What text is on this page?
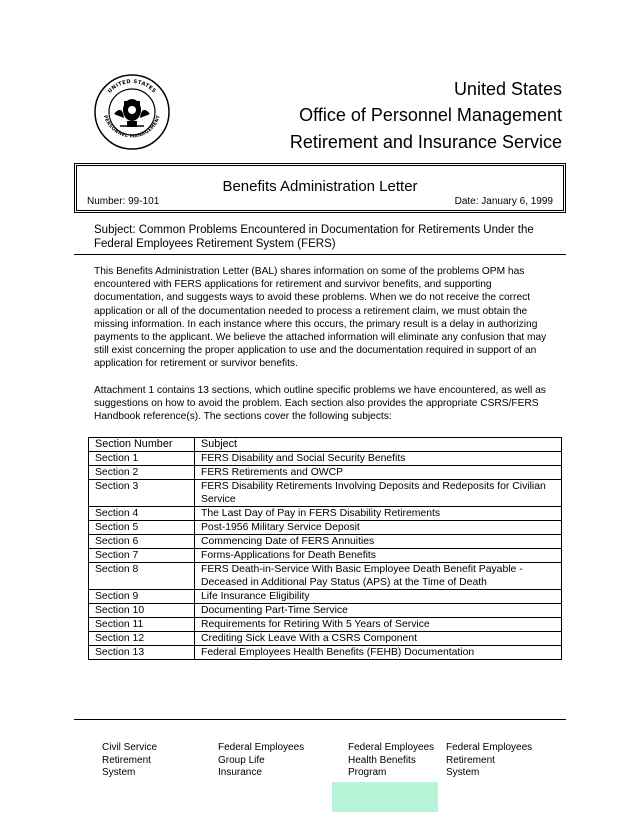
UNITED STATES
PERSONNEL MANAGEMENT
United States
Office of Personnel Management
Retirement and Insurance Service
Benefits Administration Letter
Number: 99-101	Date: January 6, 1999
Subject: Common Problems Encountered in Documentation for Retirements Under the Federal Employees Retirement System (FERS)
This Benefits Administration Letter (BAL) shares information on some of the problems OPM has encountered with FERS applications for retirement and survivor benefits, and supporting documentation, and suggests ways to avoid these problems. When we do not receive the correct application or all of the documentation needed to process a retirement claim, we must obtain the missing information. In each instance where this occurs, the primary result is a delay in authorizing payments to the applicant. We believe the attached information will eliminate any confusion that may still exist concerning the proper application to use and the documentation required in support of an application for retirement or survivor benefits.
Attachment 1 contains 13 sections, which outline specific problems we have encountered, as well as suggestions on how to avoid the problem. Each section also provides the appropriate CSRS/FERS Handbook reference(s). The sections cover the following subjects:
Section Number	Subject
Section 1	FERS Disability and Social Security Benefits
Section 2	FERS Retirements and OWCP
Section 3	FERS Disability Retirements Involving Deposits and Redeposits for Civilian Service
Section 4	The Last Day of Pay in FERS Disability Retirements
Section 5	Post-1956 Military Service Deposit
Section 6	Commencing Date of FERS Annuities
Section 7	Forms-Applications for Death Benefits
Section 8	FERS Death-in-Service With Basic Employee Death Benefit Payable - Deceased in Additional Pay Status (APS) at the Time of Death
Section 9	Life Insurance Eligibility
Section 10	Documenting Part-Time Service
Section 11	Requirements for Retiring With 5 Years of Service
Section 12	Crediting Sick Leave With a CSRS Component
Section 13	Federal Employees Health Benefits (FEHB) Documentation
Civil Service
Retirement
System
Federal Employees
Group Life
Insurance
Federal Employees
Health Benefits
Program
Federal Employees
Retirement
System
